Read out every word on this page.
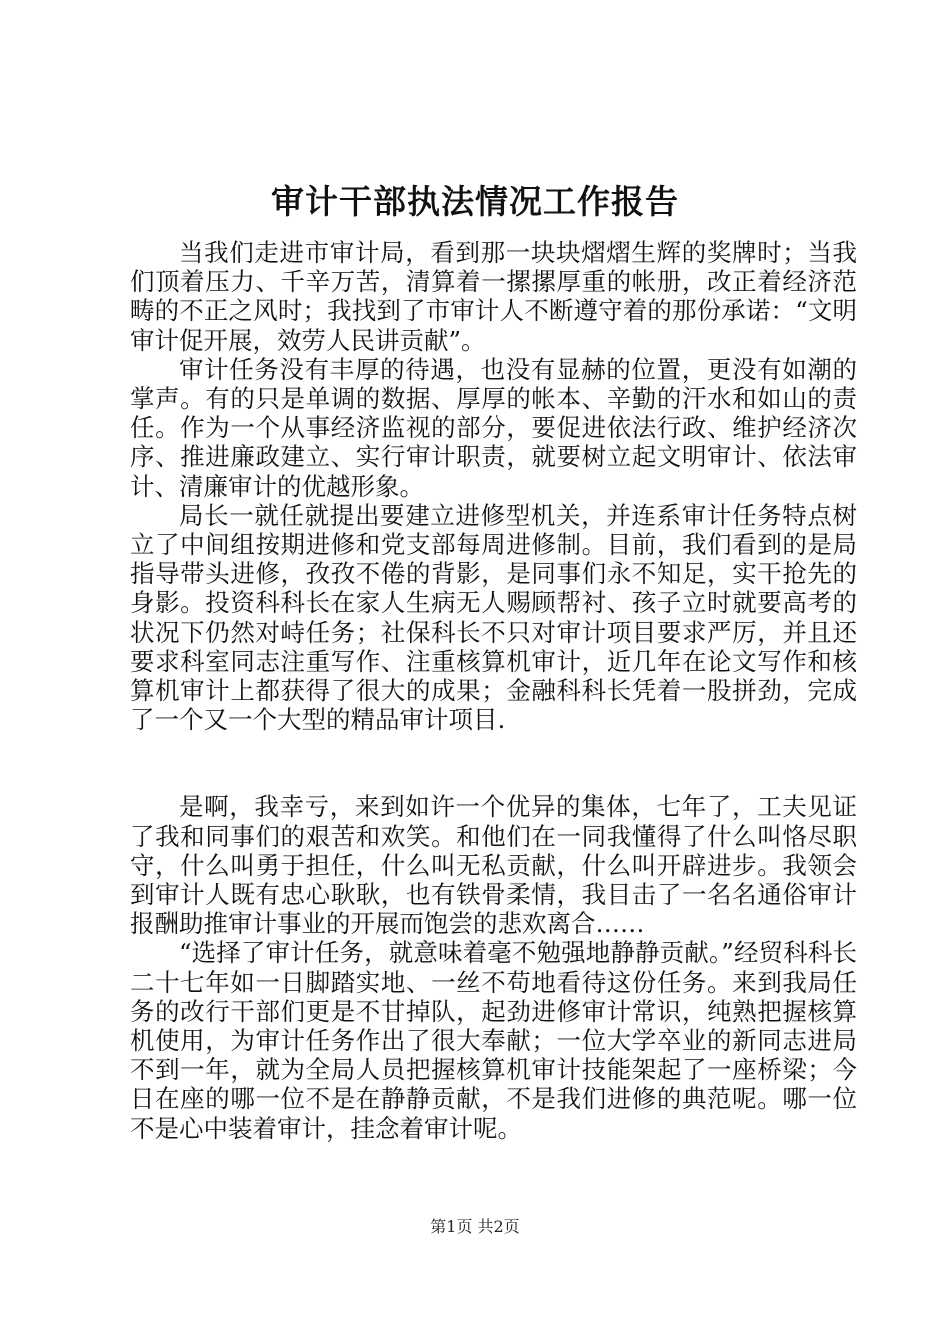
审计干部执法情况工作报告

当我们走进市审计局，看到那一块块熠熠生辉的奖牌时；当我们顶着压力、千辛万苦，清算着一摞摞厚重的帐册，改正着经济范畴的不正之风时；我找到了市审计人不断遵守着的那份承诺：“文明审计促开展，效劳人民讲贡献”。

审计任务没有丰厚的待遇，也没有显赫的位置，更没有如潮的掌声。有的只是单调的数据、厚厚的帐本、辛勤的汗水和如山的责任。作为一个从事经济监视的部分，要促进依法行政、维护经济次序、推进廉政建立、实行审计职责，就要树立起文明审计、依法审计、清廉审计的优越形象。

局长一就任就提出要建立进修型机关，并连系审计任务特点树立了中间组按期进修和党支部每周进修制。目前，我们看到的是局指导带头进修，孜孜不倦的背影，是同事们永不知足，实干抢先的身影。投资科科长在家人生病无人赐顾帮衬、孩子立时就要高考的状况下仍然对峙任务；社保科长不只对审计项目要求严厉，并且还要求科室同志注重写作、注重核算机审计，近几年在论文写作和核算机审计上都获得了很大的成果；金融科科长凭着一股拼劲，完成了一个又一个大型的精品审计项目.

是啊，我幸亏，来到如许一个优异的集体，七年了，工夫见证了我和同事们的艰苦和欢笑。和他们在一同我懂得了什么叫恪尽职守，什么叫勇于担任，什么叫无私贡献，什么叫开辟进步。我领会到审计人既有忠心耿耿，也有铁骨柔情，我目击了一名名通俗审计报酬助推审计事业的开展而饱尝的悲欢离合……

“选择了审计任务，就意味着毫不勉强地静静贡献。”经贸科科长二十七年如一日脚踏实地、一丝不苟地看待这份任务。来到我局任务的改行干部们更是不甘掉队，起劲进修审计常识，纯熟把握核算机使用，为审计任务作出了很大奉献；一位大学卒业的新同志进局不到一年，就为全局人员把握核算机审计技能架起了一座桥梁；今日在座的哪一位不是在静静贡献，不是我们进修的典范呢。哪一位不是心中装着审计，挂念着审计呢。

第1页 共2页
